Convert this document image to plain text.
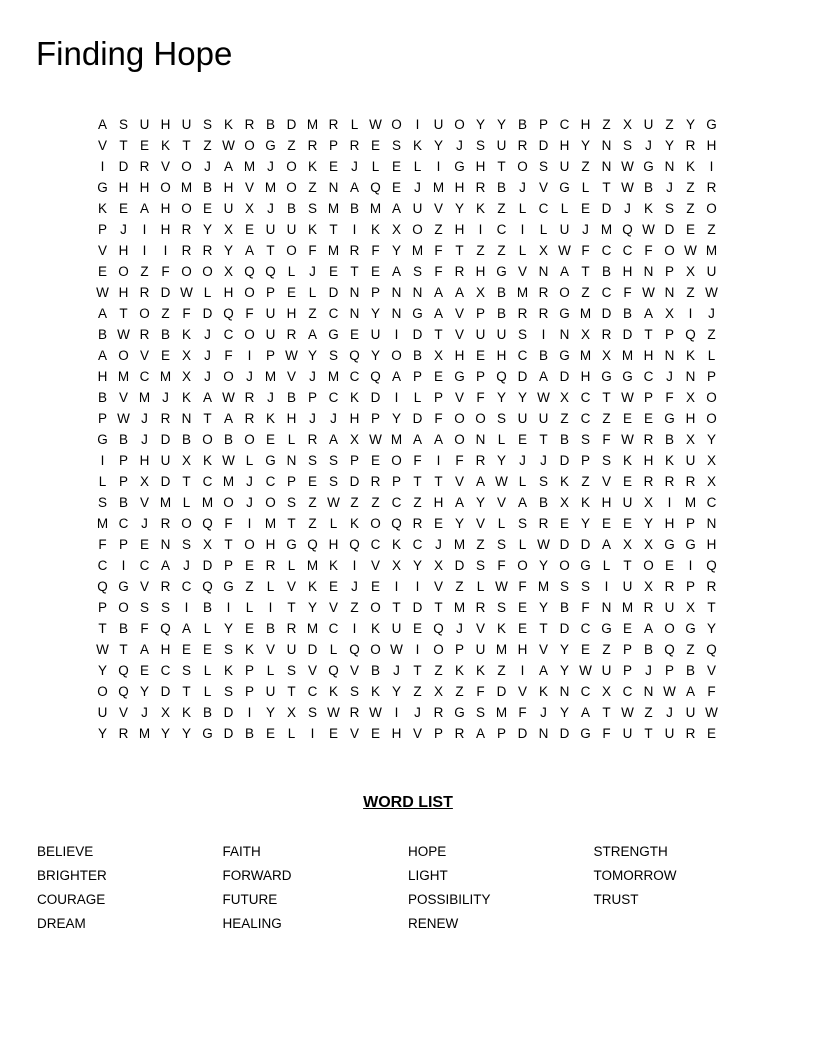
Finding Hope
A S U H U S K R B D M R L W O	I	U O Y Y B P C H Z X U Z Y G
V T E K T Z W O G Z R P R E S K Y J S U R D H Y N S J Y R H
I	D R V O J A M J O K E J	L E L	I	G H T O S U Z N W G N K	I
G H H O M B H V M O Z N A Q E J M H R B J V G L T W B J	Z R
K E A H O E U X J B S M B M A U V Y K Z L C L E D J K S Z O
P J	I	H R Y X E U U K T	I	K X O Z H	I	C	I	L U J M Q W D E Z
V H	I	I	R R Y A T O F M R F Y M F T Z Z L X W F C C F O W M
E O Z F O O X Q Q L	J E T E A S F R H G V N A T B H N P X U
W H R D W L H O P E L D N P N N A A X B M R O Z C F W N Z W
A T O Z F D Q F U H Z C N Y N G A V P B R R G M D B A X	I	J
B W R B K J C O U R A G E U	I	D T V U U S	I	N X R D T P Q Z
A O V E X J	F	I	P W Y S Q Y O B X H E H C B G M X M H N K L
H M C M X J O J M V J M C Q A P E G P Q D A D H G G C J N P
B V M J K A W R J B P C K D	I	L P V F Y Y W X C T W P F X O
P W J R N T A R K H J	J H P Y D F O O S U U Z C Z E E G H O
G B J D B O B O E L R A X W M A A O N L E T B S F W R B X Y
I	P H U X K W L G N S S P E O F	I	F R Y J	J D P S K H K U X
L P X D T C M J C P E S D R P T T V A W L S K Z V E R R R X
S B V M L M O J O S Z W Z Z C Z H A Y V A B X K H U X	I	M C
M C J R O Q F	I	M T Z L K O Q R E Y V L S R E Y E E Y H P N
F P E N S X T O H G Q H Q C K C J M Z S L W D D A X X G G H
C	I	C A J D P E R L M K	I	V X Y X D S F O Y O G L T O E	I	Q
Q G V R C Q G Z L V K E J E	I	I	V Z L W F M S S	I	U X R P R
P O S S	I	B	I	L	I	T Y V Z O T D T M R S E Y B F N M R U X T
T B F Q A L Y E B R M C	I	K U E Q J V K E T D C G E A O G Y
W T A H E E S K V U D L Q O W I	O P U M H V Y E Z P B Q Z Q
Y Q E C S L K P L S V Q V B J	T Z K K Z	I	A Y W U P J P B V
O Q Y D T L S P U T C K S K Y Z X Z F D V K N C X C N W A F
U V J X K B D	I	Y X S W R W I	J R G S M F	J Y A T W Z	J U W
Y R M Y Y G D B E L	I	E V E H V P R A P D N D G F U T U R E
WORD LIST
BELIEVE
BRIGHTER
COURAGE
DREAM
FAITH
FORWARD
FUTURE
HEALING
HOPE
LIGHT
POSSIBILITY
RENEW
STRENGTH
TOMORROW
TRUST
